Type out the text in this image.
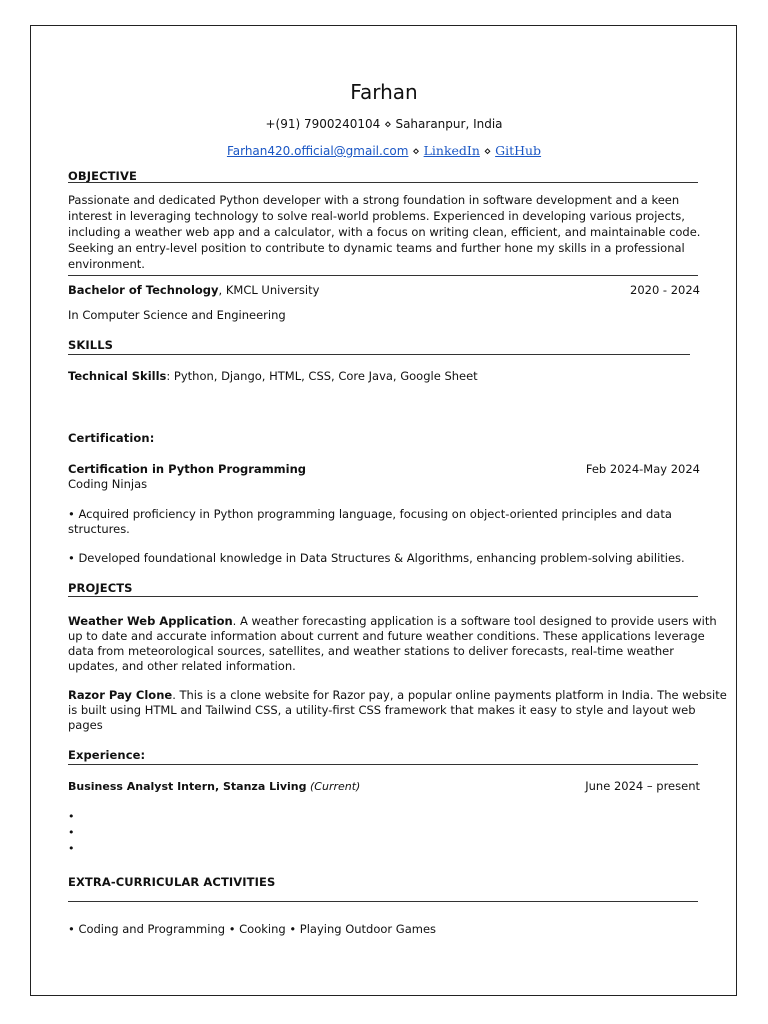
Farhan
+(91) 7900240104 ⋄ Saharanpur, India
Farhan420.official@gmail.com ⋄ LinkedIn ⋄ GitHub
OBJECTIVE
Passionate and dedicated Python developer with a strong foundation in software development and a keen
interest in leveraging technology to solve real-world problems. Experienced in developing various projects,
including a weather web app and a calculator, with a focus on writing clean, efficient, and maintainable code.
Seeking an entry-level position to contribute to dynamic teams and further hone my skills in a professional
environment.
Bachelor of Technology, KMCL University	2020 - 2024
In Computer Science and Engineering
SKILLS
Technical Skills: Python, Django, HTML, CSS, Core Java, Google Sheet
Certification:
Certification in Python Programming	Feb 2024-May 2024
Coding Ninjas
• Acquired proficiency in Python programming language, focusing on object-oriented principles and data
structures.
• Developed foundational knowledge in Data Structures & Algorithms, enhancing problem-solving abilities.
PROJECTS
Weather Web Application. A weather forecasting application is a software tool designed to provide users with
up to date and accurate information about current and future weather conditions. These applications leverage
data from meteorological sources, satellites, and weather stations to deliver forecasts, real-time weather
updates, and other related information.
Razor Pay Clone. This is a clone website for Razor pay, a popular online payments platform in India. The website
is built using HTML and Tailwind CSS, a utility-first CSS framework that makes it easy to style and layout web
pages
Experience:
Business Analyst Intern, Stanza Living (Current)	June 2024 – present
•
•
•
EXTRA-CURRICULAR ACTIVITIES
• Coding and Programming • Cooking • Playing Outdoor Games
